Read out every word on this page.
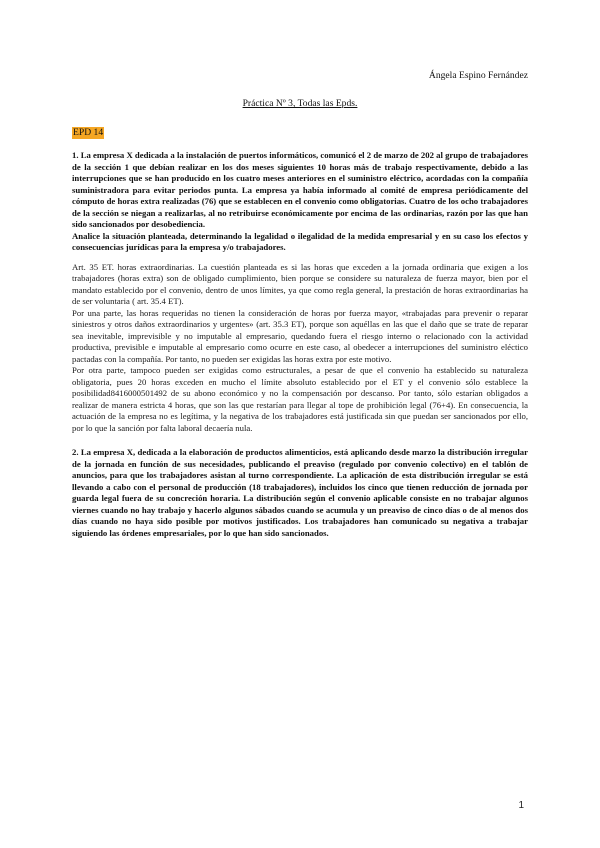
Ángela Espino Fernández

Práctica Nº 3, Todas las Epds.

EPD 14

1. La empresa X dedicada a la instalación de puertos informáticos, comunicó el 2 de marzo de 202 al grupo de trabajadores de la sección 1 que debían realizar en los dos meses siguientes 10 horas más de trabajo respectivamente, debido a las interrupciones que se han producido en los cuatro meses anteriores en el suministro eléctrico, acordadas con la compañía suministradora para evitar periodos punta. La empresa ya había informado al comité de empresa periódicamente del cómputo de horas extra realizadas (76) que se establecen en el convenio como obligatorias. Cuatro de los ocho trabajadores de la sección se niegan a realizarlas, al no retribuirse económicamente por encima de las ordinarias, razón por las que han sido sancionados por desobediencia.

Analice la situación planteada, determinando la legalidad o ilegalidad de la medida empresarial y en su caso los efectos y consecuencias jurídicas para la empresa y/o trabajadores.

Art. 35 ET. horas extraordinarias. La cuestión planteada es si las horas que exceden a la jornada ordinaria que exigen a los trabajadores (horas extra) son de obligado cumplimiento, bien porque se considere su naturaleza de fuerza mayor, bien por el mandato establecido por el convenio, dentro de unos límites, ya que como regla general, la prestación de horas extraordinarias ha de ser voluntaria ( art. 35.4 ET).

Por una parte, las horas requeridas no tienen la consideración de horas por fuerza mayor, «trabajadas para prevenir o reparar siniestros y otros daños extraordinarios y urgentes» (art. 35.3 ET), porque son aquéllas en las que el daño que se trate de reparar sea inevitable, imprevisible y no imputable al empresario, quedando fuera el riesgo interno o relacionado con la actividad productiva, previsible e imputable al empresario como ocurre en este caso, al obedecer a interrupciones del suministro eléctico pactadas con la compañía. Por tanto, no pueden ser exigidas las horas extra por este motivo.

Por otra parte, tampoco pueden ser exigidas como estructurales, a pesar de que el convenio ha establecido su naturaleza obligatoria, pues 20 horas exceden en mucho el límite absoluto establecido por el ET y el convenio sólo establece la posibilidad8416000501492 de su abono económico y no la compensación por descanso. Por tanto, sólo estarían obligados a realizar de manera estricta 4 horas, que son las que restarían para llegar al tope de prohibición legal (76+4). En consecuencia, la actuación de la empresa no es legítima, y la negativa de los trabajadores está justificada sin que puedan ser sancionados por ello, por lo que la sanción por falta laboral decaería nula.

2. La empresa X, dedicada a la elaboración de productos alimenticios, está aplicando desde marzo la distribución irregular de la jornada en función de sus necesidades, publicando el preaviso (regulado por convenio colectivo) en el tablón de anuncios, para que los trabajadores asistan al turno correspondiente. La aplicación de esta distribución irregular se está llevando a cabo con el personal de producción (18 trabajadores), incluidos los cinco que tienen reducción de jornada por guarda legal fuera de su concreción horaria. La distribución según el convenio aplicable consiste en no trabajar algunos viernes cuando no hay trabajo y hacerlo algunos sábados cuando se acumula y un preaviso de cinco días o de al menos dos días cuando no haya sido posible por motivos justificados. Los trabajadores han comunicado su negativa a trabajar siguiendo las órdenes empresariales, por lo que han sido sancionados.

1
